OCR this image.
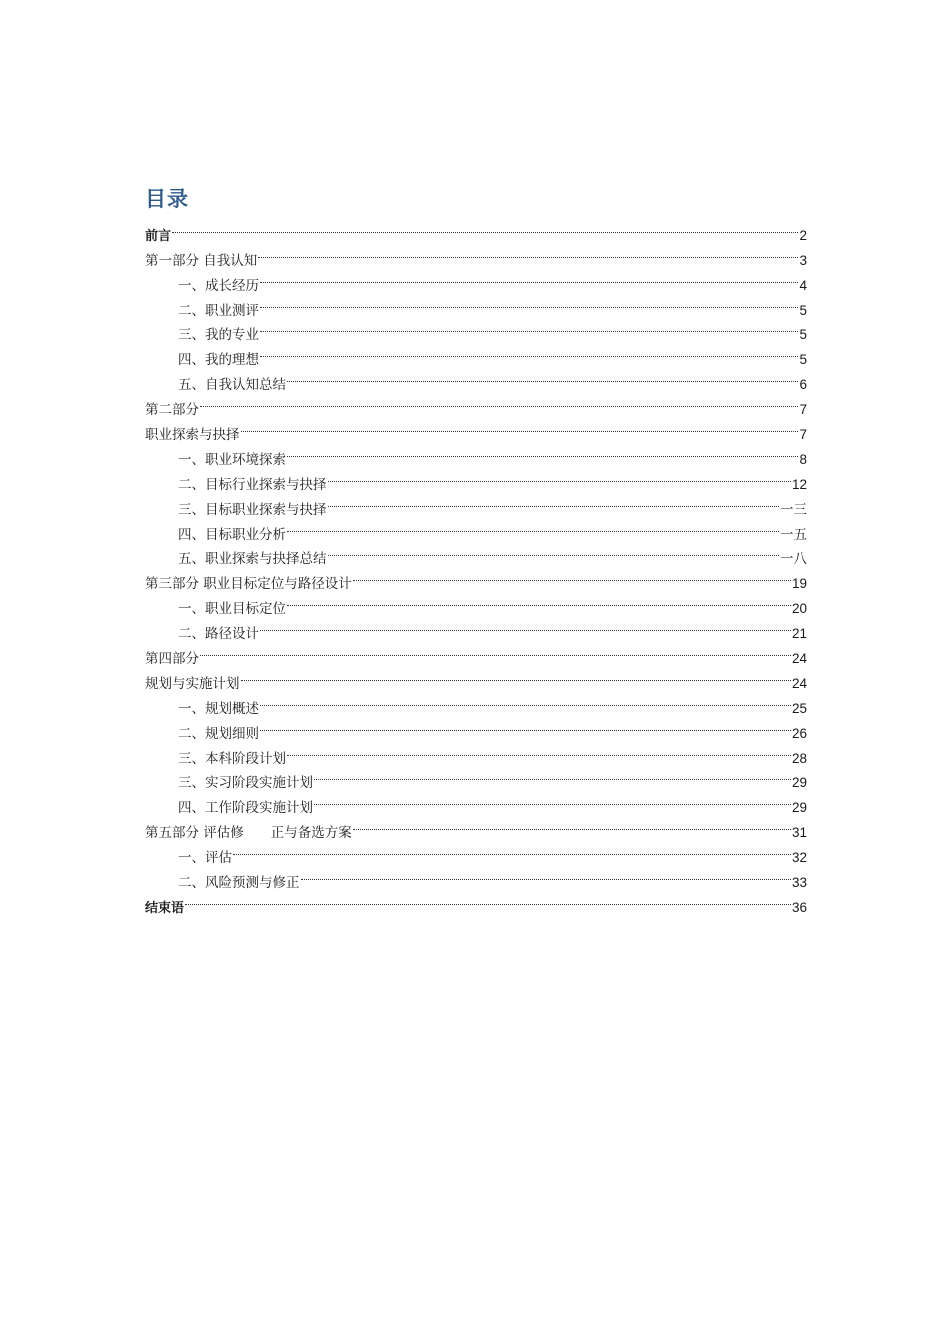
目录
前言	2
第一部分 自我认知	3
一、成长经历	4
二、职业测评	5
三、我的专业	5
四、我的理想	5
五、自我认知总结	6
第二部分	7
职业探索与抉择	7
一、职业环境探索	8
二、目标行业探索与抉择	12
三、目标职业探索与抉择	一三
四、目标职业分析	一五
五、职业探索与抉择总结	一八
第三部分 职业目标定位与路径设计	19
一、职业目标定位	20
二、路径设计	21
第四部分	24
规划与实施计划	24
一、规划概述	25
二、规划细则	26
三、本科阶段计划	28
三、实习阶段实施计划	29
四、工作阶段实施计划	29
第五部分 评估修　　正与备选方案	31
一、评估	32
二、风险预测与修正	33
结束语	36
